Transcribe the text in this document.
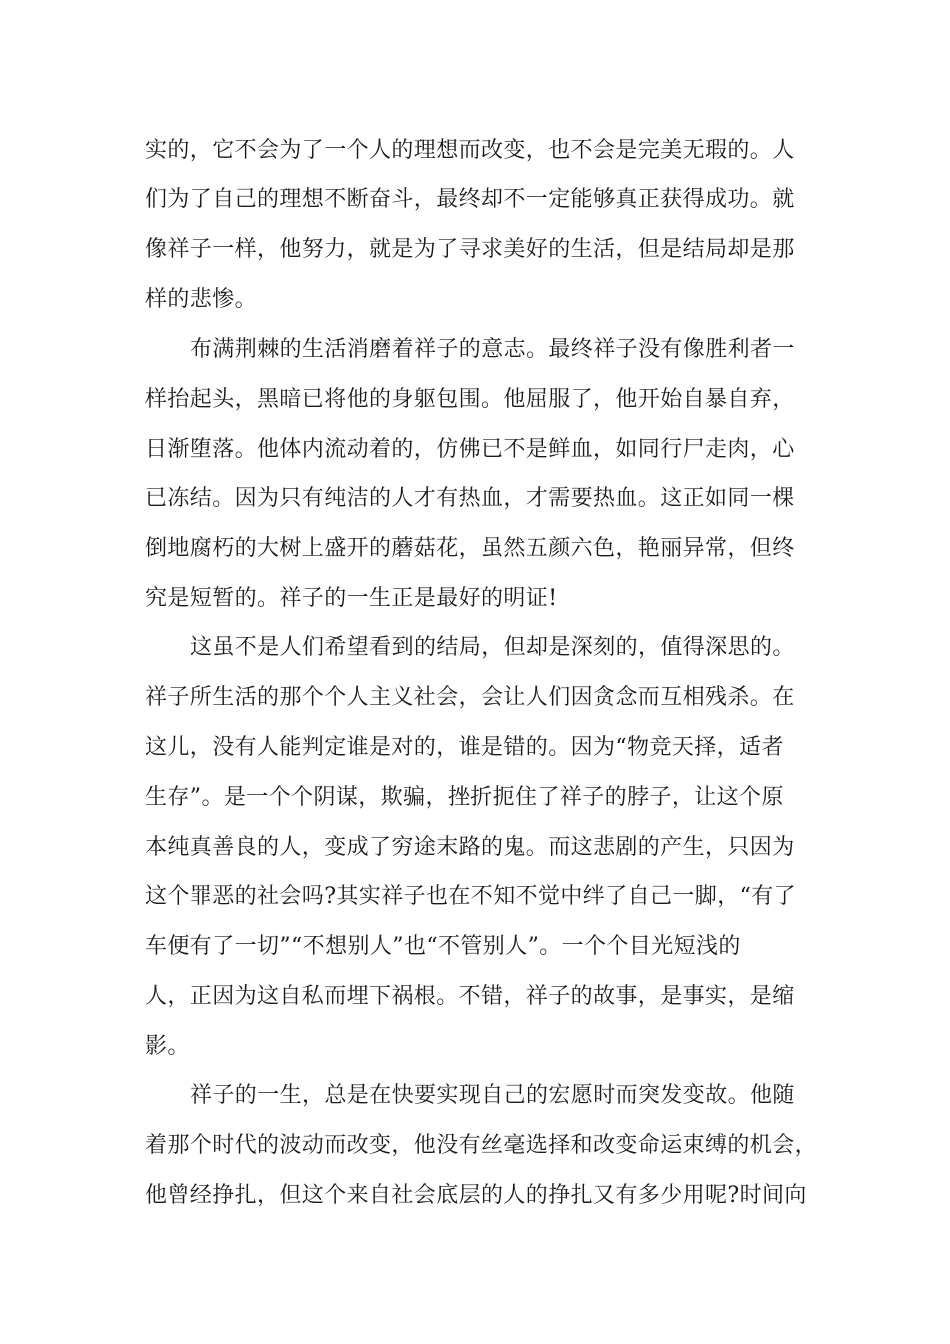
实的，它不会为了一个人的理想而改变，也不会是完美无瑕的。人

们为了自己的理想不断奋斗，最终却不一定能够真正获得成功。就

像祥子一样，他努力，就是为了寻求美好的生活，但是结局却是那

样的悲惨。

布满荆棘的生活消磨着祥子的意志。最终祥子没有像胜利者一

样抬起头，黑暗已将他的身躯包围。他屈服了，他开始自暴自弃，

日渐堕落。他体内流动着的，仿佛已不是鲜血，如同行尸走肉，心

已冻结。因为只有纯洁的人才有热血，才需要热血。这正如同一棵

倒地腐朽的大树上盛开的蘑菇花，虽然五颜六色，艳丽异常，但终

究是短暂的。祥子的一生正是最好的明证!

这虽不是人们希望看到的结局，但却是深刻的，值得深思的。

祥子所生活的那个个人主义社会，会让人们因贪念而互相残杀。在

这儿，没有人能判定谁是对的，谁是错的。因为“物竞天择，适者

生存”。是一个个阴谋，欺骗，挫折扼住了祥子的脖子，让这个原

本纯真善良的人，变成了穷途末路的鬼。而这悲剧的产生，只因为

这个罪恶的社会吗?其实祥子也在不知不觉中绊了自己一脚，“有了

车便有了一切”“不想别人”也“不管别人”。一个个目光短浅的

人，正因为这自私而埋下祸根。不错，祥子的故事，是事实，是缩

影。

祥子的一生，总是在快要实现自己的宏愿时而突发变故。他随

着那个时代的波动而改变，他没有丝毫选择和改变命运束缚的机会，

他曾经挣扎，但这个来自社会底层的人的挣扎又有多少用呢?时间向
